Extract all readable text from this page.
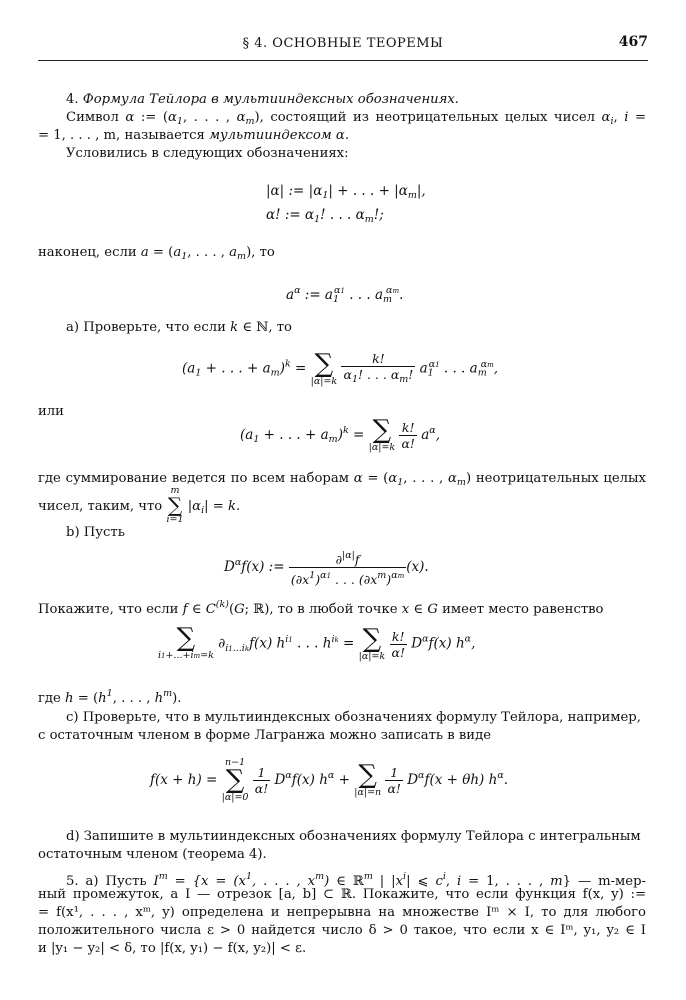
§ 4. ОСНОВНЫЕ ТЕОРЕМЫ	467
4. Формула Тейлора в мультииндексных обозначениях.
Символ α := ($\alpha_1$, . . . , $\alpha_m$), состоящий из неотрицательных целых чисел $\alpha_i$, i =
= 1, . . . , m, называется мультииндексом α.
Условились в следующих обозначениях:
|α| := $|\alpha_1|$ + . . . + $|\alpha_m|$,
α! := $\alpha_1$! . . . $\alpha_m$!;
наконец, если $a = (a_1$, . . . , $a_m$), то
$a^\alpha$ := $a_1^{\alpha 1}$ . . . $a_m^{\alpha m}$.
a) Проверьте, что если k ∈ ℕ, то
($a_1$ + . . . + $a_m)^k$ = ∑
|α|=k
$\frac{k!}{\alpha_1! . . . \alpha_m!} a_1^{\alpha 1}$ . . . $a_m^{\alpha m}$,
или
($a_1$ + . . . + $a_m)^k$ = ∑
|α|=k
$\frac{k!}{\alpha!} a^\alpha$,
где суммирование ведется по всем наборам $\alpha = (\alpha_1$, . . . , $\alpha_m$) неотрицательных целых
чисел, таким, что
m
∑
i=1
$|\alpha_i| = k$.
b) Пусть
$D^\alpha f(x)$ := $\frac{\partial^{|\alpha|}f}{(\partial x^1)^{\alpha 1} . . . (\partial x^m)^{\alpha m}} (x)$.
Покажите, что если f ∈ $C^{(k)}(G$; ℝ), то в любой точке x ∈ G имеет место равенство
∑
i1+...+im=k
$\partial_{i1...ik}f(x)$ $h^{i1}$ . . . $h^{ik}$ = ∑
|α|=k
$\frac{k!}{\alpha!} D^\alpha f(x)$ $h^\alpha$,
где $h = (h^1$, . . . , $h^m$).
c) Проверьте, что в мультииндексных обозначениях формулу Тейлора, например,
с остаточным членом в форме Лагранжа можно записать в виде
f(x + h) =
n−1
∑
|α|=0

$\frac{1}{\alpha!} D^\alpha f(x) h^\alpha$ + ∑
|α|=n
$\frac{1}{\alpha!} D^\alpha f(x + \theta h)$ $h^\alpha$.
d) Запишите в мультииндексных обозначениях формулу Тейлора с интегральным
остаточным членом (теорема 4).
5. a) Пусть $I^m = \{x = (x^1$, . . . , $x^m$) ∈ ℝ$^m$ | $|x^i|$ ⩽ $c^i$, i = 1, . . . , m} — m-мер-
ный промежуток, а I — отрезок [a, b] ⊂ ℝ. Покажите, что если функция f(x, y) :=
= f(x¹, . . . , xᵐ, y) определена и непрерывна на множестве Iᵐ × I, то для любого
положительного числа ε > 0 найдется число δ > 0 такое, что если x ∈ Iᵐ, y₁, y₂ ∈ I
и |y₁ − y₂| < δ, то |f(x, y₁) − f(x, y₂)| < ε.
